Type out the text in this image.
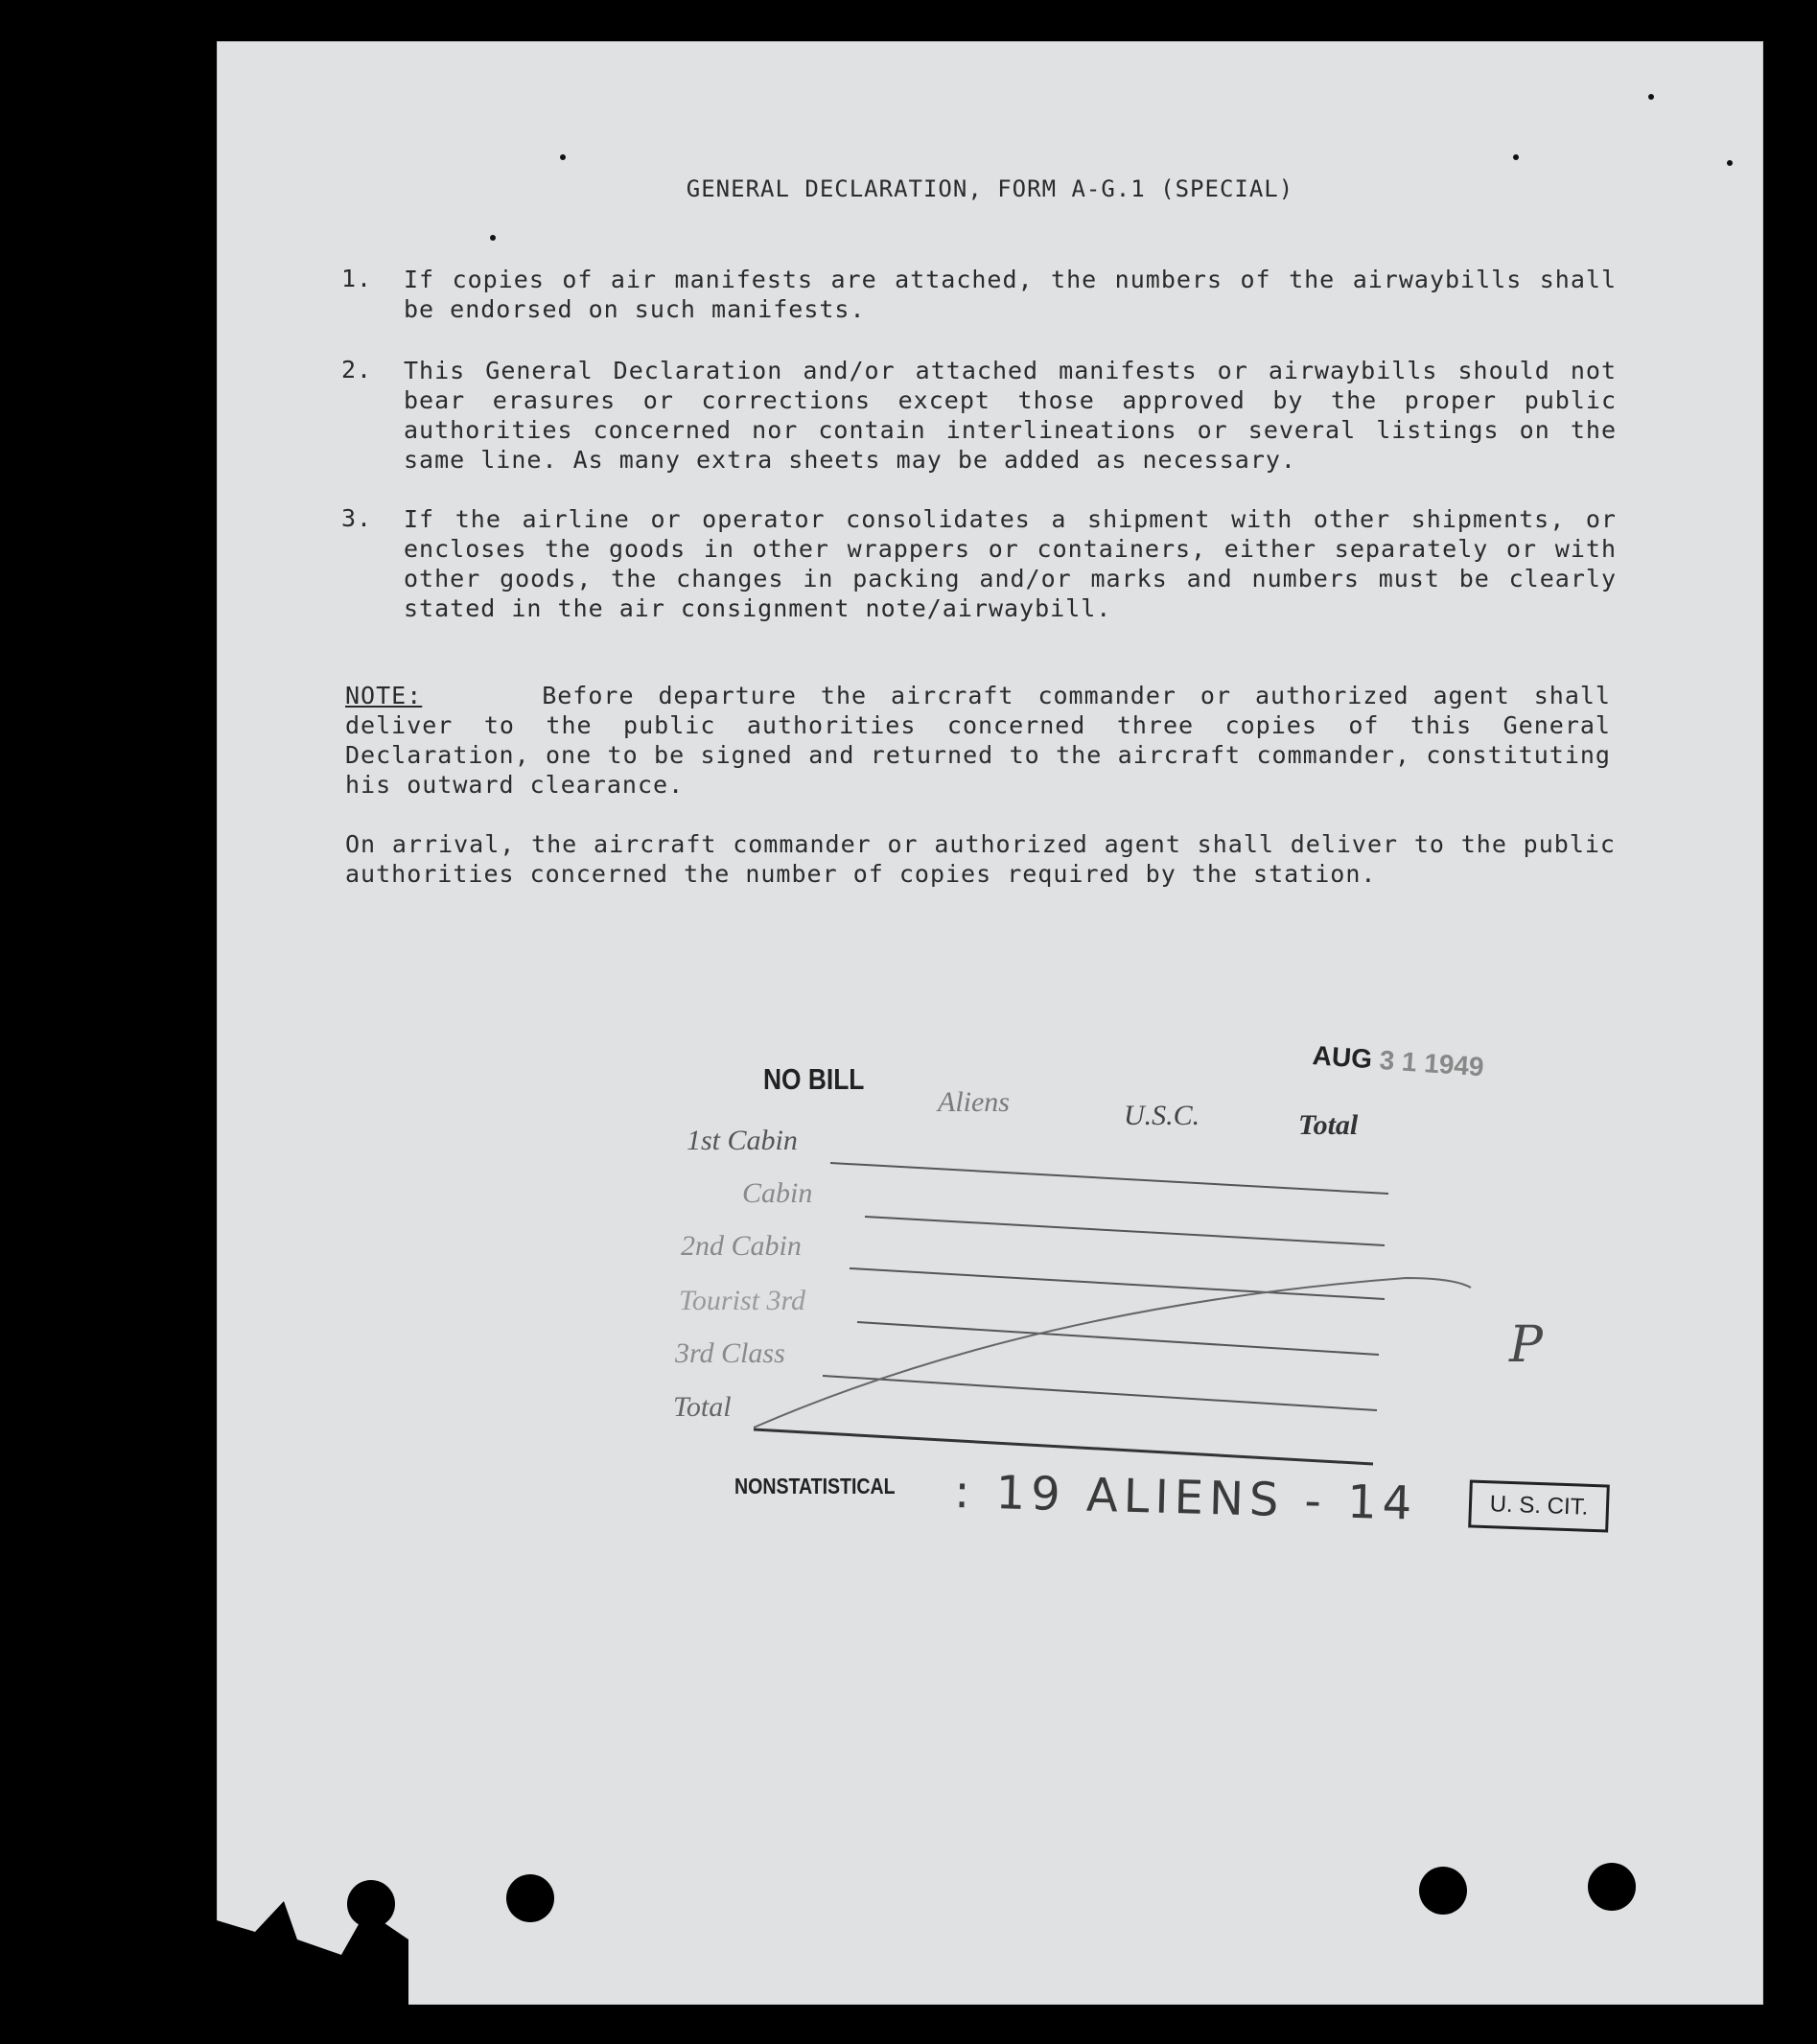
GENERAL DECLARATION, FORM A-G.1 (SPECIAL)
1. If copies of air manifests are attached, the numbers of the airwaybills shall be endorsed on such manifests.
2. This General Declaration and/or attached manifests or airwaybills should not bear erasures or corrections except those approved by the proper public authorities concerned nor contain interlineations or several listings on the same line. As many extra sheets may be added as necessary.
3. If the airline or operator consolidates a shipment with other shipments, or encloses the goods in other wrappers or containers, either separately or with other goods, the changes in packing and/or marks and numbers must be clearly stated in the air consignment note/airwaybill.
NOTE:	Before departure the aircraft commander or authorized agent shall deliver to the public authorities concerned three copies of this General Declaration, one to be signed and returned to the aircraft commander, constituting his outward clearance.
On arrival, the aircraft commander or authorized agent shall deliver to the public authorities concerned the number of copies required by the station.
NO BILL
AUG 3 1 1949
Aliens	U.S.C.	Total
1st Cabin
Cabin
2nd Cabin
Tourist 3rd
3rd Class
Total
NONSTATISTICAL : 19 ALIENS - 14	U. S. CIT.
P
